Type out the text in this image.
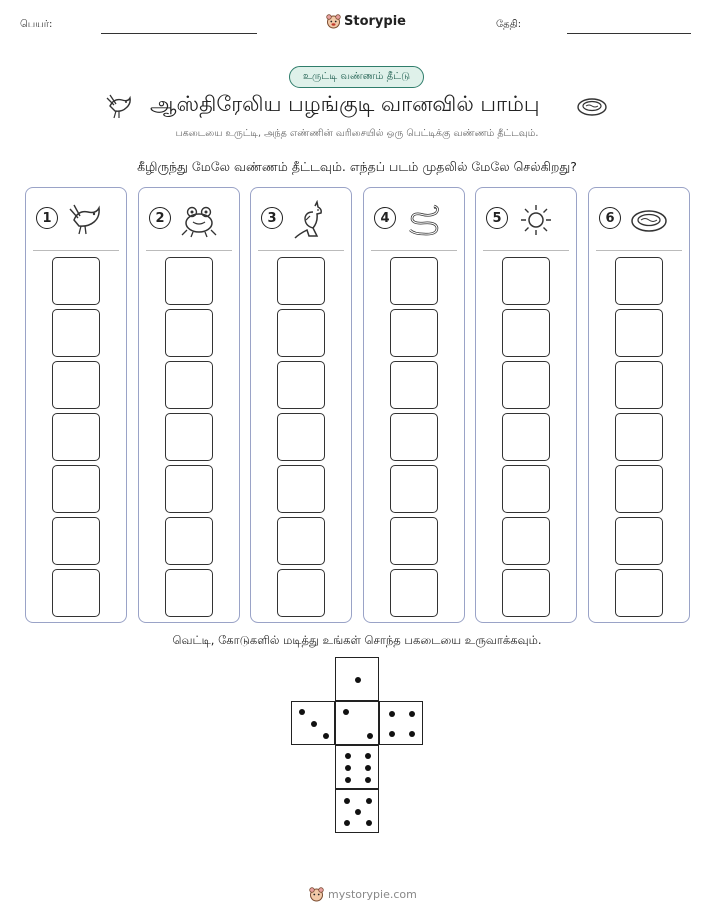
பெயர்:	Storypie	தேதி:
உருட்டி வண்ணம் தீட்டு
ஆஸ்திரேலிய பழங்குடி வானவில் பாம்பு
பகடையை உருட்டி, அந்த எண்ணின் வரிசையில் ஒரு பெட்டிக்கு வண்ணம் தீட்டவும்.
கீழிருந்து மேலே வண்ணம் தீட்டவும். எந்தப் படம் முதலில் மேலே செல்கிறது?
1	2	3	4	5	6
வெட்டி, கோடுகளில் மடித்து உங்கள் சொந்த பகடையை உருவாக்கவும்.
mystorypie.com
